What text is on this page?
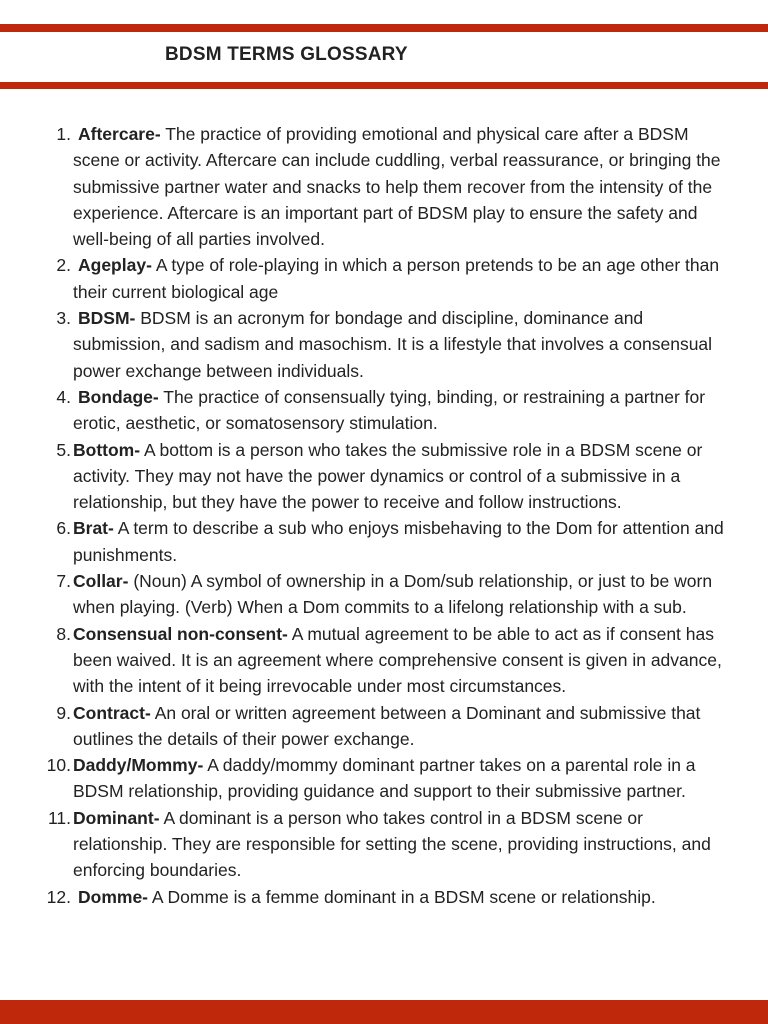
BDSM TERMS GLOSSARY
1. Aftercare- The practice of providing emotional and physical care after a BDSM scene or activity. Aftercare can include cuddling, verbal reassurance, or bringing the submissive partner water and snacks to help them recover from the intensity of the experience. Aftercare is an important part of BDSM play to ensure the safety and well-being of all parties involved.
2. Ageplay- A type of role-playing in which a person pretends to be an age other than their current biological age
3. BDSM- BDSM is an acronym for bondage and discipline, dominance and submission, and sadism and masochism. It is a lifestyle that involves a consensual power exchange between individuals.
4. Bondage- The practice of consensually tying, binding, or restraining a partner for erotic, aesthetic, or somatosensory stimulation.
5. Bottom- A bottom is a person who takes the submissive role in a BDSM scene or activity. They may not have the power dynamics or control of a submissive in a relationship, but they have the power to receive and follow instructions.
6. Brat- A term to describe a sub who enjoys misbehaving to the Dom for attention and punishments.
7. Collar- (Noun) A symbol of ownership in a Dom/sub relationship, or just to be worn when playing. (Verb) When a Dom commits to a lifelong relationship with a sub.
8. Consensual non-consent- A mutual agreement to be able to act as if consent has been waived. It is an agreement where comprehensive consent is given in advance, with the intent of it being irrevocable under most circumstances.
9. Contract- An oral or written agreement between a Dominant and submissive that outlines the details of their power exchange.
10. Daddy/Mommy- A daddy/mommy dominant partner takes on a parental role in a BDSM relationship, providing guidance and support to their submissive partner.
11. Dominant- A dominant is a person who takes control in a BDSM scene or relationship. They are responsible for setting the scene, providing instructions, and enforcing boundaries.
12. Domme- A Domme is a femme dominant in a BDSM scene or relationship.
